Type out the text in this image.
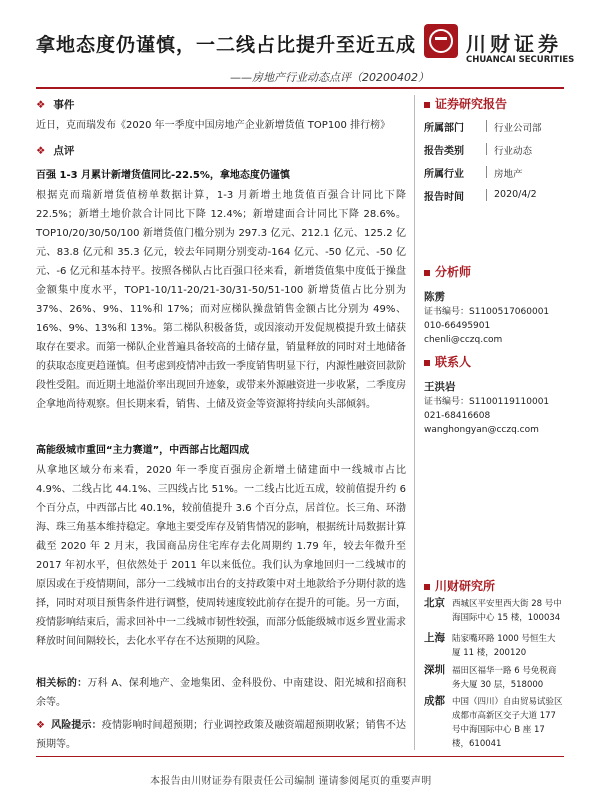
拿地态度仍谨慎，一二线占比提升至近五成
——房地产行业动态点评（20200402）
川财证券
CHUANCAI SECURITIES
❖ 事件
近日，克而瑞发布《2020 年一季度中国房地产企业新增货值 TOP100 排行榜》
❖ 点评
百强 1-3 月累计新增货值同比-22.5%，拿地态度仍谨慎
根据克而瑞新增货值榜单数据计算，1-3 月新增土地货值百强合计同比下降 22.5%；新增土地价款合计同比下降 12.4%；新增建面合计同比下降 28.6%。TOP10/20/30/50/100 新增货值门槛分别为 297.3 亿元、212.1 亿元、125.2 亿元、83.8 亿元和 35.3 亿元，较去年同期分别变动-164 亿元、-50 亿元、-50 亿元、-6 亿元和基本持平。按照各梯队占比百强口径来看，新增货值集中度低于操盘金额集中度水平，TOP1-10/11-20/21-30/31-50/51-100 新增货值占比分别为 37%、26%、9%、11%和 17%；而对应梯队操盘销售金额占比分别为 49%、16%、9%、13%和 13%。第二梯队积极备货，或因滚动开发促规模提升致土储获取存在要求。而第一梯队企业普遍具备较高的土储存量，销量释放的同时对土地储备的获取态度更趋谨慎。但考虑到疫情冲击致一季度销售明显下行，内源性融资回款阶段性受阻。而近期土地溢价率出现回升迹象，或带来外源融资进一步收紧，二季度房企拿地尚待观察。但长期来看，销售、土储及资金等资源将持续向头部倾斜。
高能级城市重回“主力赛道”，中西部占比超四成
从拿地区域分布来看，2020 年一季度百强房企新增土储建面中一线城市占比 4.9%、二线占比 44.1%、三四线占比 51%。一二线占比近五成，较前值提升约 6 个百分点，中西部占比 40.1%，较前值提升 3.6 个百分点，居首位。长三角、环渤海、珠三角基本维持稳定。拿地主要受库存及销售情况的影响，根据统计局数据计算截至 2020 年 2 月末，我国商品房住宅库存去化周期约 1.79 年，较去年微升至 2017 年初水平，但依然处于 2011 年以来低位。我们认为拿地回归一二线城市的原因或在于疫情期间，部分一二线城市出台的支持政策中对土地款给予分期付款的选择，同时对项目预售条件进行调整，使周转速度较此前存在提升的可能。另一方面，疫情影响结束后，需求回补中一二线城市韧性较强，而部分低能级城市返乡置业需求释放时间间隔较长，去化水平存在不达预期的风险。
相关标的：万科 A、保利地产、金地集团、金科股份、中南建设、阳光城和招商积余等。
❖ 风险提示：疫情影响时间超预期；行业调控政策及融资端超预期收紧；销售不达预期等。
证券研究报告
所属部门	行业公司部
报告类别	行业动态
所属行业	房地产
报告时间	2020/4/2
分析师
陈雳
证书编号：S1100517060001
010-66495901
chenli@cczq.com
联系人
王洪岩
证书编号：S1100119110001
021-68416608
wanghongyan@cczq.com
川财研究所
北京 西城区平安里西大街 28 号中海国际中心 15 楼，100034
上海 陆家嘴环路 1000 号恒生大厦 11 楼，200120
深圳 福田区福华一路 6 号免税商务大厦 30 层，518000
成都 中国（四川）自由贸易试验区成都市高新区交子大道 177 号中海国际中心 B 座 17 楼，610041
本报告由川财证券有限责任公司编制 谨请参阅尾页的重要声明
